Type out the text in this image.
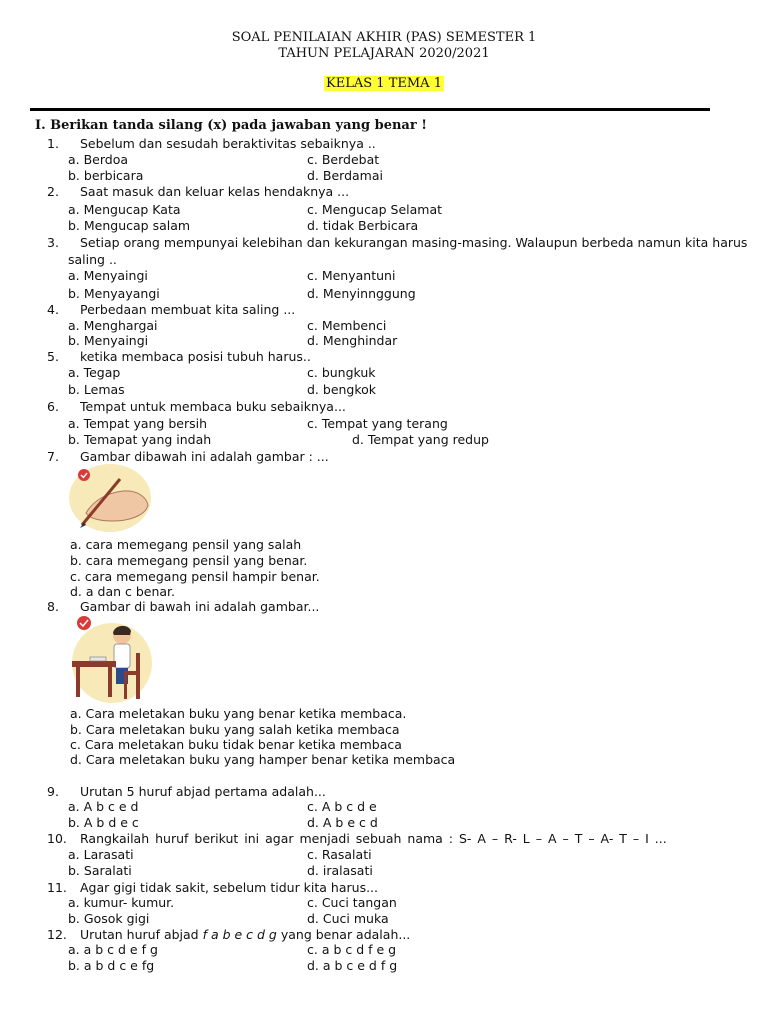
SOAL PENILAIAN AKHIR (PAS) SEMESTER 1
TAHUN PELAJARAN 2020/2021
KELAS 1 TEMA 1
I. Berikan tanda silang (x) pada jawaban yang benar !
1. Sebelum dan sesudah beraktivitas sebaiknya ..
a. Berdoa	c. Berdebat
b. berbicara	d. Berdamai
2. Saat masuk dan keluar kelas hendaknya ...
a. Mengucap Kata	c. Mengucap Selamat
b. Mengucap salam	d. tidak Berbicara
3. Setiap orang mempunyai kelebihan dan kekurangan masing-masing. Walaupun berbeda namun kita harus
saling ..
a. Menyaingi	c. Menyantuni
b. Menyayangi	d. Menyinnggung
4. Perbedaan membuat kita saling ...
a. Menghargai	c. Membenci
b. Menyaingi	d. Menghindar
5. ketika membaca posisi tubuh harus..
a. Tegap	c. bungkuk
b. Lemas	d. bengkok
6. Tempat untuk membaca buku sebaiknya...
a. Tempat yang bersih	c. Tempat yang terang
b. Temapat yang indah	d. Tempat yang redup
7. Gambar dibawah ini adalah gambar : ...
a. cara memegang pensil yang salah
b. cara memegang pensil yang benar.
c. cara memegang pensil hampir benar.
d. a dan c benar.
8. Gambar di bawah ini adalah gambar...
a. Cara meletakan buku yang benar ketika membaca.
b. Cara meletakan buku yang salah ketika membaca
c. Cara meletakan buku tidak benar ketika membaca
d. Cara meletakan buku yang hamper benar ketika membaca
9. Urutan 5 huruf abjad pertama adalah...
a. A b c e d	c. A b c d e
b. A b d e c	d. A b e c d
10. Rangkailah huruf berikut ini agar menjadi sebuah nama : S- A – R- L – A – T – A- T – I ...
a. Larasati	c. Rasalati
b. Saralati	d. iralasati
11. Agar gigi tidak sakit, sebelum tidur kita harus...
a. kumur- kumur.	c. Cuci tangan
b. Gosok gigi	d. Cuci muka
12. Urutan huruf abjad f a b e c d g yang benar adalah...
a. a b c d e f g	c. a b c d f e g
b. a b d c e fg	d. a b c e d f g
